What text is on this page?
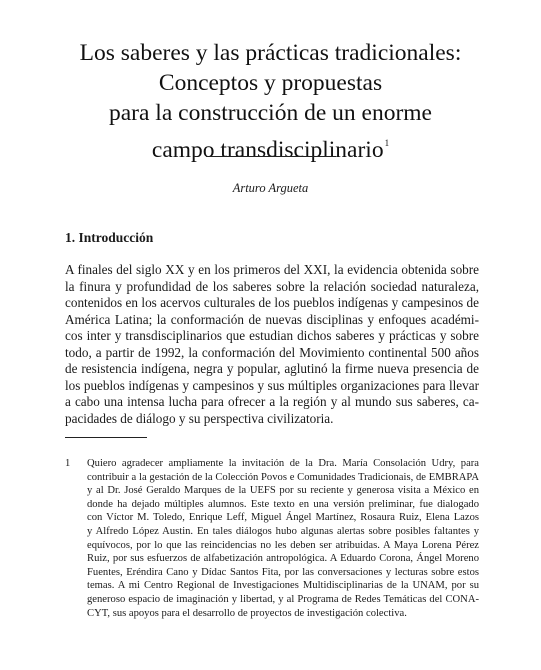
Los saberes y las prácticas tradicionales:
Conceptos y propuestas
para la construcción de un enorme
campo transdisciplinario$^1$
Arturo Argueta
1. Introducción
A finales del siglo XX y en los primeros del XXI, la evidencia obtenida sobre
la finura y profundidad de los saberes sobre la relación sociedad naturaleza,
contenidos en los acervos culturales de los pueblos indígenas y campesinos de
América Latina; la conformación de nuevas disciplinas y enfoques académi-
cos inter y transdisciplinarios que estudian dichos saberes y prácticas y sobre
todo, a partir de 1992, la conformación del Movimiento continental 500 años
de resistencia indígena, negra y popular, aglutinó la firme nueva presencia de
los pueblos indígenas y campesinos y sus múltiples organizaciones para llevar
a cabo una intensa lucha para ofrecer a la región y al mundo sus saberes, ca-
pacidades de diálogo y su perspectiva civilizatoria.
1 Quiero agradecer ampliamente la invitación de la Dra. María Consolación Udry, para
contribuir a la gestación de la Colección Povos e Comunidades Tradicionais, de EMBRAPA
y al Dr. José Geraldo Marques de la UEFS por su reciente y generosa visita a México en
donde ha dejado múltiples alumnos. Este texto en una versión preliminar, fue dialogado
con Víctor M. Toledo, Enrique Leff, Miguel Ángel Martínez, Rosaura Ruiz, Elena Lazos
y Alfredo López Austin. En tales diálogos hubo algunas alertas sobre posibles faltantes y
equívocos, por lo que las reincidencias no les deben ser atribuidas. A Maya Lorena Pérez
Ruiz, por sus esfuerzos de alfabetización antropológica. A Eduardo Corona, Ángel Moreno
Fuentes, Eréndira Cano y Dídac Santos Fita, por las conversaciones y lecturas sobre estos
temas. A mi Centro Regional de Investigaciones Multidisciplinarias de la UNAM, por su
generoso espacio de imaginación y libertad, y al Programa de Redes Temáticas del CONA-
CYT, sus apoyos para el desarrollo de proyectos de investigación colectiva.
